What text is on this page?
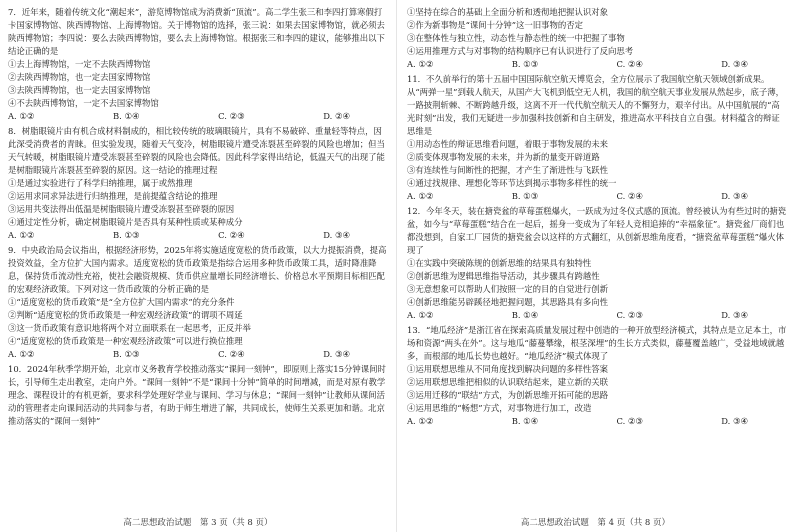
7．近年来，随着传统文化“潮起来”，游览博物馆成为消费新“顶流”。高二学生张三和李四打算寒假打卡国家博物馆、陕西博物馆、上海博物馆。关于博物馆的选择，张三说：如果去国家博物馆，就必须去陕西博物馆；李四说：要么去陕西博物馆，要么去上海博物馆。根据张三和李四的建议，能够推出以下结论正确的是

①去上海博物馆，一定不去陕西博物馆

②去陕西博物馆，也一定去国家博物馆

③去陕西博物馆，也一定去国家博物馆

④不去陕西博物馆，一定不去国家博物馆

A. ①②	B. ①④	C. ②③	D. ②④

8．树脂眼镜片由有机合成材料制成的，相比较传统的玻璃眼镜片，具有不易破碎、重量轻等特点，因此深受消费者的青睐。但实验发现，随着天气变冷，树脂眼镜片遭受冻裂甚至碎裂的风险也增加；但当天气转暖，树脂眼镜片遭受冻裂甚至碎裂的风险也会降低。因此科学家得出结论，低温天气的出现了能是树脂眼镜片冻裂甚至碎裂的原因。这一结论的推理过程

①是通过实验进行了科学归纳推理，属于或然推理

②运用求同求异法进行归纳推理，是前提蕴含结论的推理

③运用共变法得出低温是树脂眼镜片遭受冻裂甚至碎裂的原因

④通过定性分析，确定树脂眼镜片是否具有某种性质或某种成分

A. ①②	B. ①③	C. ②④	D. ③④

9．中央政治局会议指出，根据经济形势，2025年将实施适度宽松的货币政策，以大力提振消费，提高投资效益，全方位扩大国内需求。适度宽松的货币政策是指综合运用多种货币政策工具，适时降准降息，保持货币流动性充裕，使社会融资规模、货币供应量增长同经济增长、价格总水平预期目标相匹配的宏观经济政策。下列对这一货币政策的分析正确的是

①“适度宽松的货币政策”是“全方位扩大国内需求”的充分条件

②判断“适度宽松的货币政策是一种宏观经济政策”的谓项不周延

③这一货币政策有意识地将两个对立面联系在一起思考，正反并举

④“适度宽松的货币政策是一种宏观经济政策”可以进行换位推理

A. ①②	B. ①③	C. ②④	D. ③④

10．2024年秋季学期开始，北京市义务教育学校推动落实“课间一刻钟”，即原则上落实15分钟课间时长，引导师生走出教室，走向户外。“课间一刻钟”不是“课间十分钟”简单的时间增减，而是对原有教学理念、课程设计的有机更新，要求科学处理好学业与课间、学习与休息；“课间一刻钟”让教师从课间活动的管理者走向课间活动的共同参与者，有助于师生增进了解，共同成长，使师生关系更加和谐。北京推动落实的“课间一刻钟”

高二思想政治试题　第 3 页（共 8 页）

①坚持在综合的基础上全面分析和透彻地把握认识对象

②作为新事物是“课间十分钟”这一旧事物的否定

③在整体性与独立性，动态性与静态性的统一中把握了事物

④运用推理方式与对事物的结构顺序已有认识进行了反向思考

A. ①②	B. ①③	C. ②④	D. ③④

11．不久前举行的第十五届中国国际航空航天博览会，全方位展示了我国航空航天领域创新成果。从“两弹一星”到载人航天，从国产大飞机到低空无人机，我国的航空航天事业发展从然起步，底子薄，一路披荆斩棘、不断跨越升级，这离不开一代代航空航天人的不懈努力，艰辛付出。从中国航展的“高光时刻”出发，我们无疑进一步加强科技创新和自主研发，推进高水平科技自立自强。材料蕴含的辩证思维是

①用动态性的辩证思维看问题，着眼于事物发展的未来

②质变体现事物发展的未来，并为新的量变开辟道路

③有连续性与间断性的把握，才产生了渐进性与飞跃性

④通过找规律、理想化等环节达到揭示事物多样性的统一

A. ①②	B. ①③	C. ②④	D. ③④

12．今年冬天，装在搪瓷盆的草莓蛋糕爆火，一跃成为过冬仪式感的顶流。曾经被认为有些过时的搪瓷盆，如今与“草莓蛋糕”结合在一起后，摇身一变成为了年轻人竞相追捧的“幸福象征”。搪瓷盆厂商们也都没想到，自家工厂园货的搪瓷盆会以这样的方式翻红，从创新思维角度看，“搪瓷盆草莓蛋糕”爆火体现了

①在实践中突破陈规的创新思维的结果具有独特性

②创新思维为逻辑思维指导活动，其步骤具有跨越性

③无意想象可以帮助人们按照一定的目的自觉进行创新

④创新思维能另辟蹊径地把握问题，其思路具有多向性

A. ①②	B. ①④	C. ②③	D. ③④

13．“地瓜经济”是浙江省在探索高质量发展过程中创造的一种开放型经济模式，其特点是立足本土，市场和资源“两头在外”。这与地瓜“藤蔓攀缘，根茎深埋”的生长方式类似，藤蔓覆盖越广，受益地域就越多，而根部的地瓜长势也越好。“地瓜经济”模式体现了

①运用联想思维从不同角度找到解决问题的多样性答案

②运用联想思维把相似的认识联结起来，建立新的关联

③运用迁移的“联结”方式，为创新思维开拓可能的思路

④运用思维的“畅想”方式，对事物进行加工，改造

A. ①②	B. ①④	C. ②③	D. ③④
高二思想政治试题　第 4 页（共 8 页）
